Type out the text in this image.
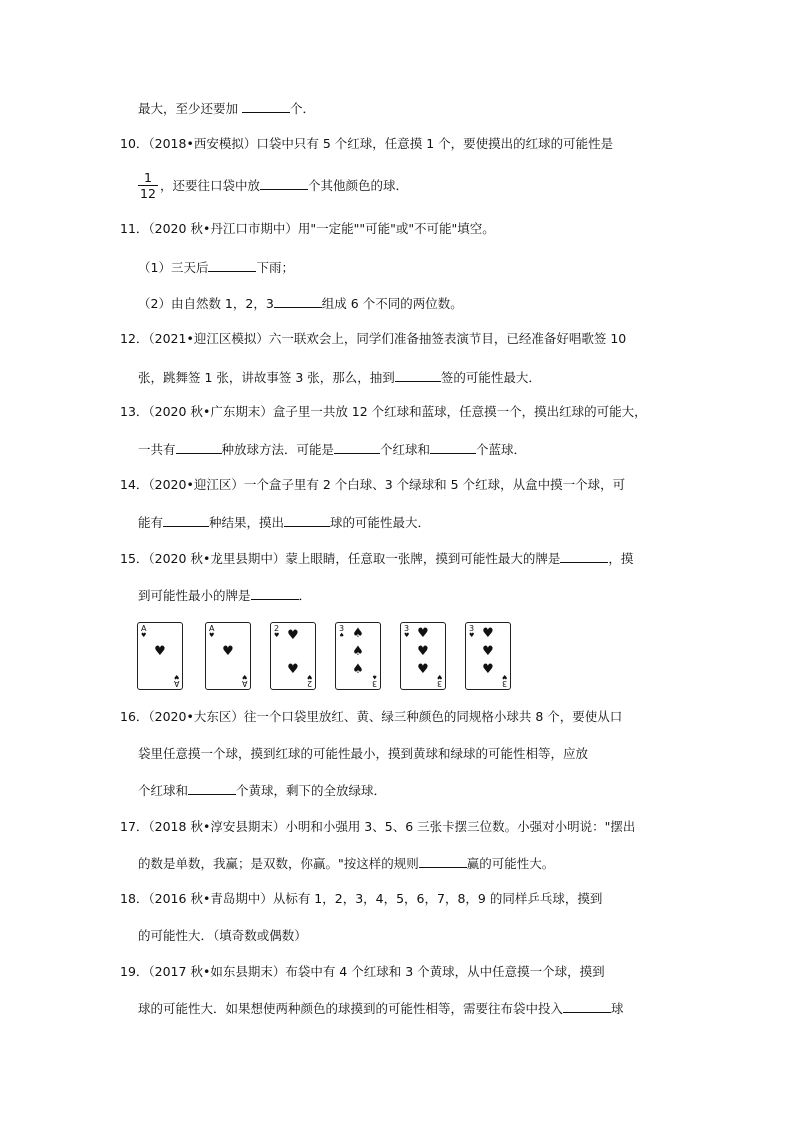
最大，至少还要加	个．
10．（2018•西安模拟）口袋中只有 5 个红球，任意摸 1 个，要使摸出的红球的可能性是
1
12
，还要往口袋中放	个其他颜色的球．
11．（2020 秋•丹江口市期中）用"一定能""可能"或"不可能"填空。
（1）三天后	下雨；
（2）由自然数 1，2，3	组成 6 个不同的两位数。
12．（2021•迎江区模拟）六一联欢会上，同学们准备抽签表演节目，已经准备好唱歌签 10
张，跳舞签 1 张，讲故事签 3 张，那么，抽到	签的可能性最大．
13．（2020 秋•广东期末）盒子里一共放 12 个红球和蓝球，任意摸一个，摸出红球的可能大，
一共有	种放球方法．可能是	个红球和	个蓝球．
14．（2020•迎江区）一个盒子里有 2 个白球、3 个绿球和 5 个红球，从盒中摸一个球，可
能有	种结果，摸出	球的可能性最大．
15．（2020 秋•龙里县期中）蒙上眼睛，任意取一张牌，摸到可能性最大的牌是	，摸
到可能性最小的牌是	．
A
♥
A
♥
♥
A
♥
A
♥
♥
2
♥
2
♥
♥
♥
3
♠
3
♠
♠
♠
♠
3
♥
3
♥
♥
♥
♥
3
♥
3
♥
♥
♥
♥
16．（2020•大东区）往一个口袋里放红、黄、绿三种颜色的同规格小球共 8 个，要使从口
袋里任意摸一个球，摸到红球的可能性最小，摸到黄球和绿球的可能性相等，应放
个红球和	个黄球，剩下的全放绿球．
17．（2018 秋•淳安县期末）小明和小强用 3、5、6 三张卡摆三位数。小强对小明说："摆出
的数是单数，我赢；是双数，你赢。"按这样的规则	赢的可能性大。
18．（2016 秋•青岛期中）从标有 1，2，3，4，5，6，7，8，9 的同样乒乓球，摸到
的可能性大．（填奇数或偶数）
19．（2017 秋•如东县期末）布袋中有 4 个红球和 3 个黄球，从中任意摸一个球，摸到
球的可能性大．如果想使两种颜色的球摸到的可能性相等，需要往布袋中投入	球
